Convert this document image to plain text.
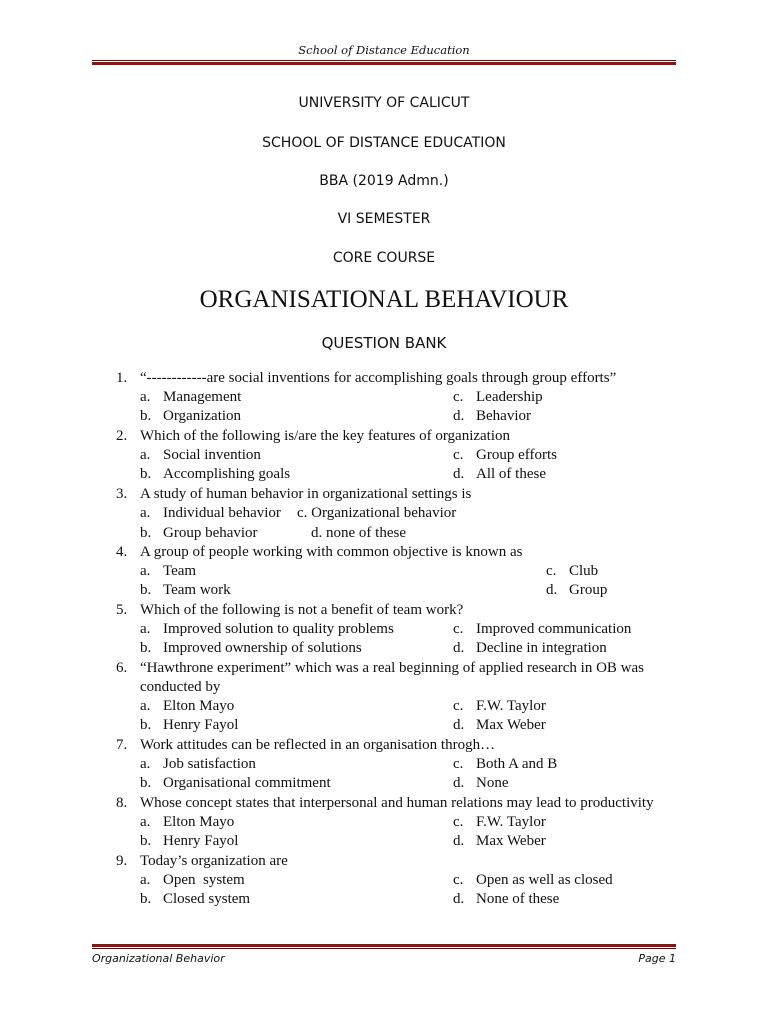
School of Distance Education
UNIVERSITY OF CALICUT
SCHOOL OF DISTANCE EDUCATION
BBA (2019 Admn.)
VI SEMESTER
CORE COURSE
ORGANISATIONAL BEHAVIOUR
QUESTION BANK
1. “------------are social inventions for accomplishing goals through group efforts”
a. Management	c. Leadership
b. Organization	d. Behavior
2. Which of the following is/are the key features of organization
a. Social invention	c. Group efforts
b. Accomplishing goals	d. All of these
3. A study of human behavior in organizational settings is
a. Individual behavior c. Organizational behavior
b. Group behavior	d. none of these
4. A group of people working with common objective is known as
a. Team	c. Club
b. Team work	d. Group
5. Which of the following is not a benefit of team work?
a. Improved solution to quality problems	c. Improved communication
b. Improved ownership of solutions	d. Decline in integration
6. “Hawthrone experiment” which was a real beginning of applied research in OB was
conducted by
a. Elton Mayo	c. F.W. Taylor
b. Henry Fayol	d. Max Weber
7. Work attitudes can be reflected in an organisation throgh…
a. Job satisfaction	c. Both A and B
b. Organisational commitment	d. None
8. Whose concept states that interpersonal and human relations may lead to productivity
a. Elton Mayo	c. F.W. Taylor
b. Henry Fayol	d. Max Weber
9. Today’s organization are
a. Open  system	c. Open as well as closed
b. Closed system	d. None of these
Organizational Behavior	Page 1
